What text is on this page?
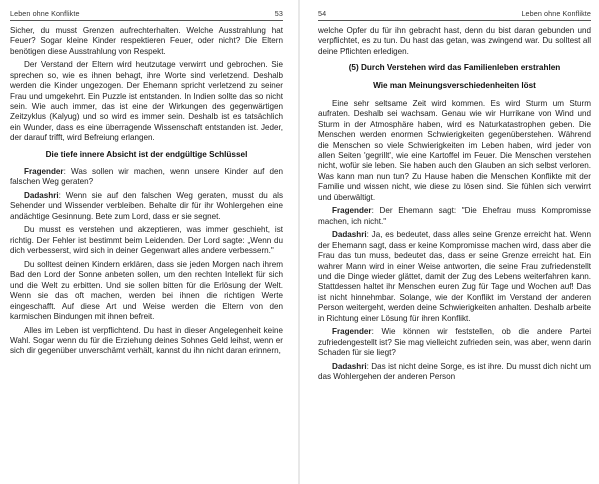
Leben ohne Konflikte	53

Sicher, du musst Grenzen aufrechterhalten. Welche Ausstrahlung hat Feuer? Sogar kleine Kinder respektieren Feuer, oder nicht? Die Eltern benötigen diese Ausstrahlung von Respekt.

Der Verstand der Eltern wird heutzutage verwirrt und gebrochen. Sie sprechen so, wie es ihnen behagt, ihre Worte sind verletzend. Deshalb werden die Kinder ungezogen. Der Ehemann spricht verletzend zu seiner Frau und umgekehrt. Ein Puzzle ist entstanden. In Indien sollte das so nicht sein. Wie auch immer, das ist eine der Wirkungen des gegenwärtigen Zeitzyklus (Kalyug) und so wird es immer sein. Deshalb ist es tatsächlich ein Wunder, dass es eine überragende Wissenschaft entstanden ist. Jeder, der darauf trifft, wird Befreiung erlangen.

Die tiefe innere Absicht ist der endgültige Schlüssel

Fragender: Was sollen wir machen, wenn unsere Kinder auf den falschen Weg geraten?

Dadashri: Wenn sie auf den falschen Weg geraten, musst du als Sehender und Wissender verbleiben. Behalte dir für ihr Wohlergehen eine andächtige Gesinnung. Bete zum Lord, dass er sie segnet.

Du musst es verstehen und akzeptieren, was immer geschieht, ist richtig. Der Fehler ist bestimmt beim Leidenden. Der Lord sagte: „Wenn du dich verbesserst, wird sich in deiner Gegenwart alles andere verbessern."

Du solltest deinen Kindern erklären, dass sie jeden Morgen nach ihrem Bad den Lord der Sonne anbeten sollen, um den rechten Intellekt für sich und die Welt zu erbitten. Und sie sollen bitten für die Erlösung der Welt. Wenn sie das oft machen, werden bei ihnen die richtigen Werte eingeschafft. Auf diese Art und Weise werden die Eltern von den karmischen Bindungen mit ihnen befreit.

Alles im Leben ist verpflichtend. Du hast in dieser Angelegenheit keine Wahl. Sogar wenn du für die Erziehung deines Sohnes Geld leihst, wenn er sich dir gegenüber unverschämt verhält, kannst du ihn nicht daran erinnern,

54	Leben ohne Konflikte

welche Opfer du für ihn gebracht hast, denn du bist daran gebunden und verpflichtet, es zu tun. Du hast das getan, was zwingend war. Du solltest all deine Pflichten erledigen.

(5) Durch Verstehen wird das Familienleben erstrahlen
Wie man Meinungsverschiedenheiten löst

Eine sehr seltsame Zeit wird kommen. Es wird Sturm um Sturm aufraten. Deshalb sei wachsam. Genau wie wir Hurrikane von Wind und Sturm in der Atmosphäre haben, wird es Naturkatastrophen geben. Die Menschen werden enormen Schwierigkeiten gegenüberstehen. Während die Menschen so viele Schwierigkeiten im Leben haben, wird jeder von allen Seiten 'gegrillt', wie eine Kartoffel im Feuer. Die Menschen verstehen nicht, wofür sie leben. Sie haben auch den Glauben an sich selbst verloren. Was kann man nun tun? Zu Hause haben die Menschen Konflikte mit der Familie und wissen nicht, wie diese zu lösen sind. Sie fühlen sich verwirrt und überwältigt.

Fragender: Der Ehemann sagt: "Die Ehefrau muss Kompromisse machen, ich nicht."

Dadashri: Ja, es bedeutet, dass alles seine Grenze erreicht hat. Wenn der Ehemann sagt, dass er keine Kompromisse machen wird, dass aber die Frau das tun muss, bedeutet das, dass er seine Grenze erreicht hat. Ein wahrer Mann wird in einer Weise antworten, die seine Frau zufriedenstellt und die Dinge wieder glättet, damit der Zug des Lebens weiterfahren kann. Stattdessen haltet ihr Menschen euren Zug für Tage und Wochen auf! Das ist nicht hinnehmbar. Solange, wie der Konflikt im Verstand der anderen Person weitergeht, werden deine Schwierigkeiten anhalten. Deshalb arbeite in Richtung einer Lösung für ihren Konflikt.

Fragender: Wie können wir feststellen, ob die andere Partei zufriedengestellt ist? Sie mag vielleicht zufrieden sein, was aber, wenn darin Schaden für sie liegt?

Dadashri: Das ist nicht deine Sorge, es ist ihre. Du musst dich nicht um das Wohlergehen der anderen Person
